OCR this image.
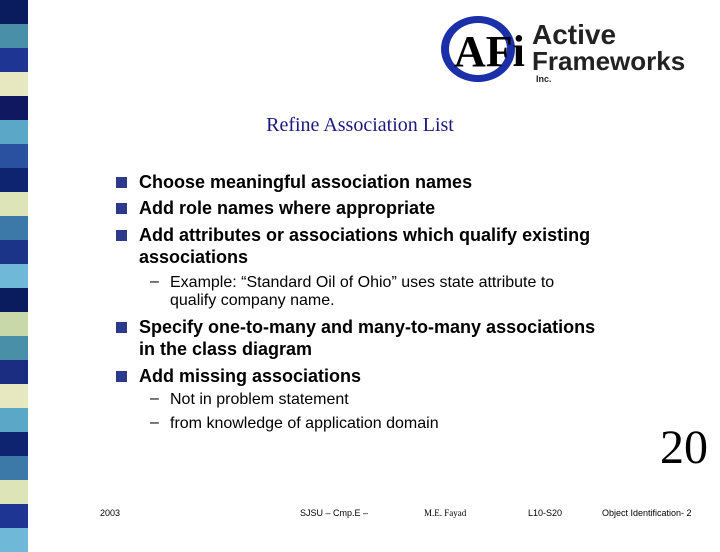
AFi Active
Frameworks
Inc.
Refine Association List
Choose meaningful association names
Add role names where appropriate
Add attributes or associations which qualify existing
associations
– Example: “Standard Oil of Ohio” uses state attribute to
qualify company name.
Specify one-to-many and many-to-many associations
in the class diagram
Add missing associations
– Not in problem statement
– from knowledge of application domain	20
2003	SJSU – Cmp.E –	M.E. Fayad	L10-S20	Object Identification- 2
